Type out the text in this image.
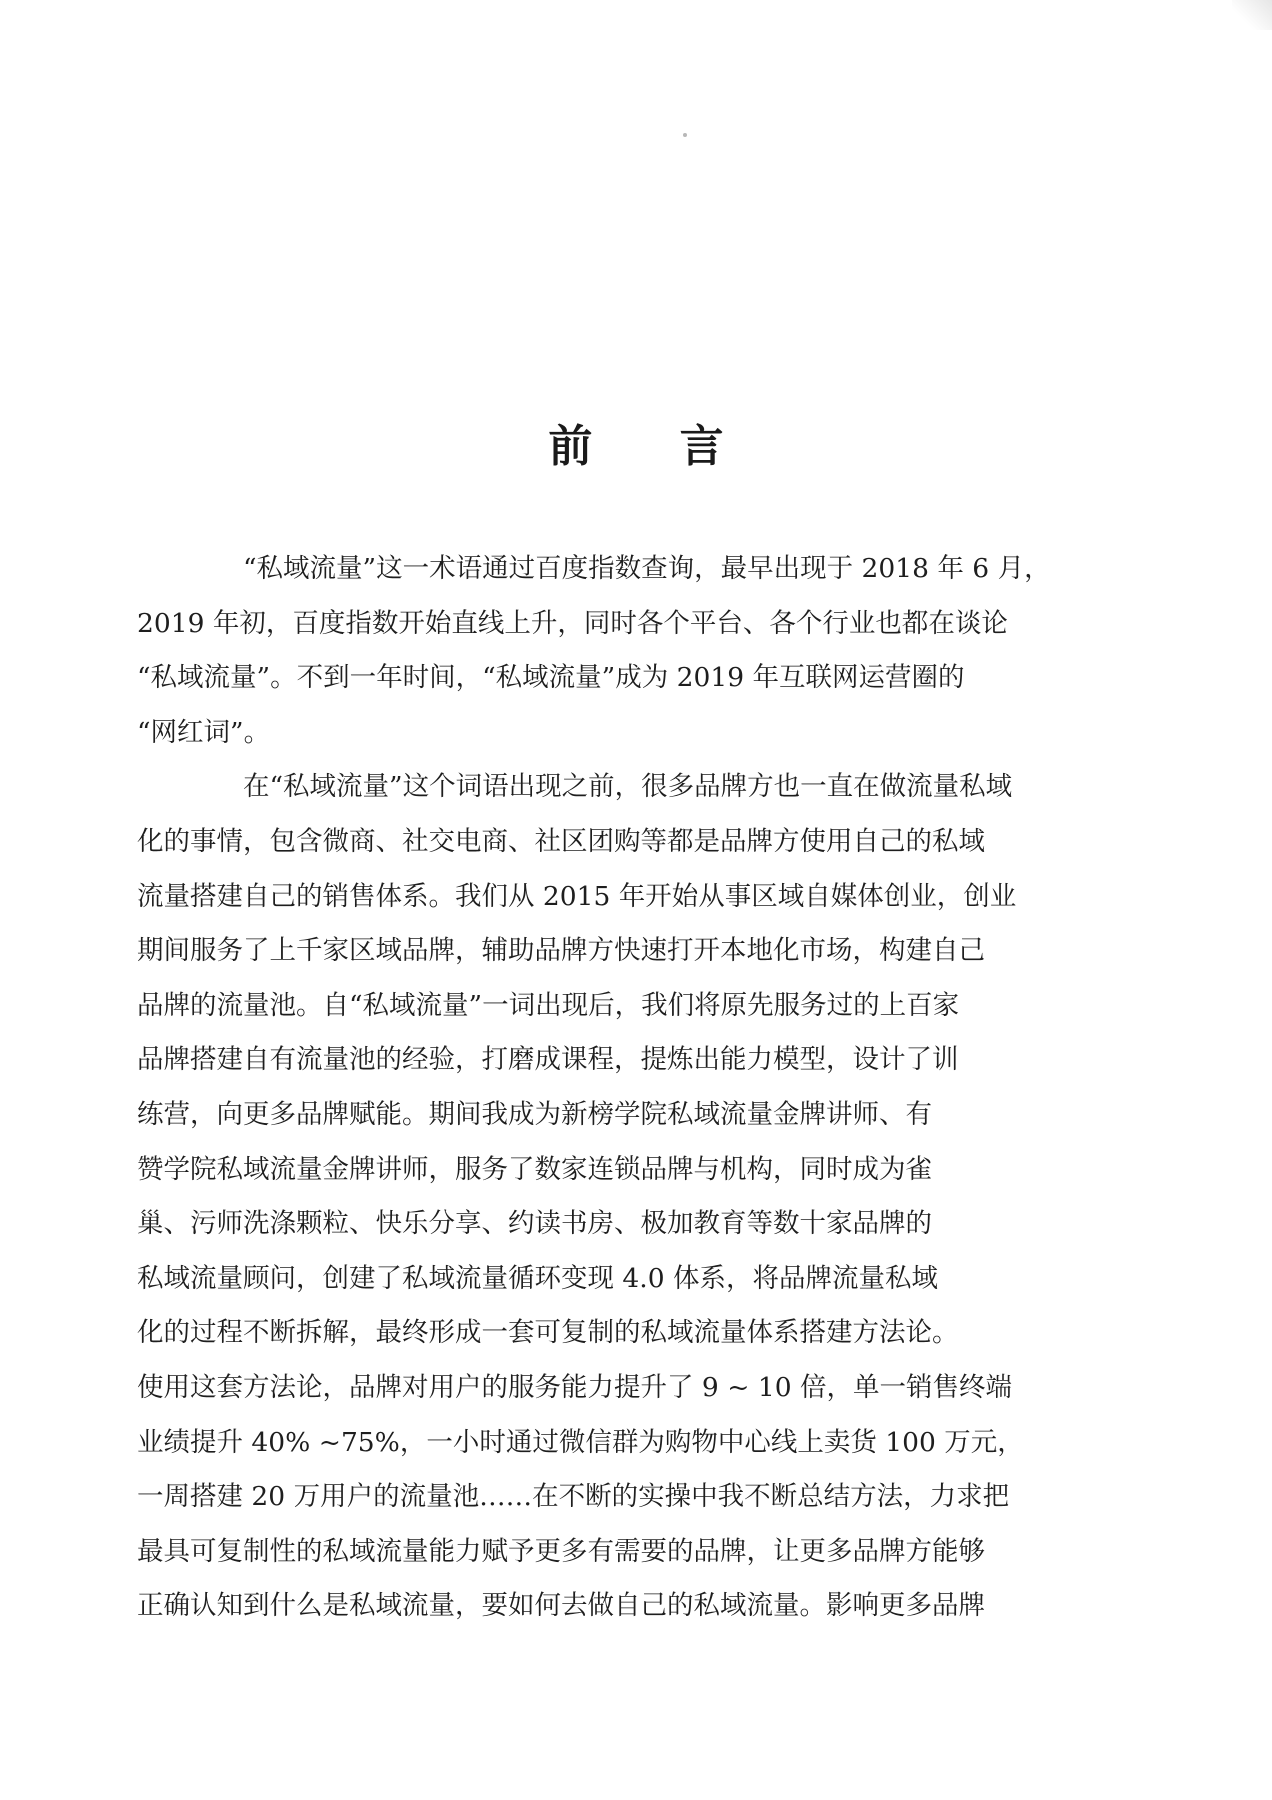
前 言
“私域流量”这一术语通过百度指数查询，最早出现于 2018 年 6 月，
2019 年初，百度指数开始直线上升，同时各个平台、各个行业也都在谈论
“私域流量”。不到一年时间，“私域流量”成为 2019 年互联网运营圈的
“网红词”。
在“私域流量”这个词语出现之前，很多品牌方也一直在做流量私域
化的事情，包含微商、社交电商、社区团购等都是品牌方使用自己的私域
流量搭建自己的销售体系。我们从 2015 年开始从事区域自媒体创业，创业
期间服务了上千家区域品牌，辅助品牌方快速打开本地化市场，构建自己
品牌的流量池。自“私域流量”一词出现后，我们将原先服务过的上百家
品牌搭建自有流量池的经验，打磨成课程，提炼出能力模型，设计了训
练营，向更多品牌赋能。期间我成为新榜学院私域流量金牌讲师、有
赞学院私域流量金牌讲师，服务了数家连锁品牌与机构，同时成为雀
巢、污师洗涤颗粒、快乐分享、约读书房、极加教育等数十家品牌的
私域流量顾问，创建了私域流量循环变现 4.0 体系，将品牌流量私域
化的过程不断拆解，最终形成一套可复制的私域流量体系搭建方法论。
使用这套方法论，品牌对用户的服务能力提升了 9 ~ 10 倍，单一销售终端
业绩提升 40% ~75%，一小时通过微信群为购物中心线上卖货 100 万元，
一周搭建 20 万用户的流量池……在不断的实操中我不断总结方法，力求把
最具可复制性的私域流量能力赋予更多有需要的品牌，让更多品牌方能够
正确认知到什么是私域流量，要如何去做自己的私域流量。影响更多品牌
